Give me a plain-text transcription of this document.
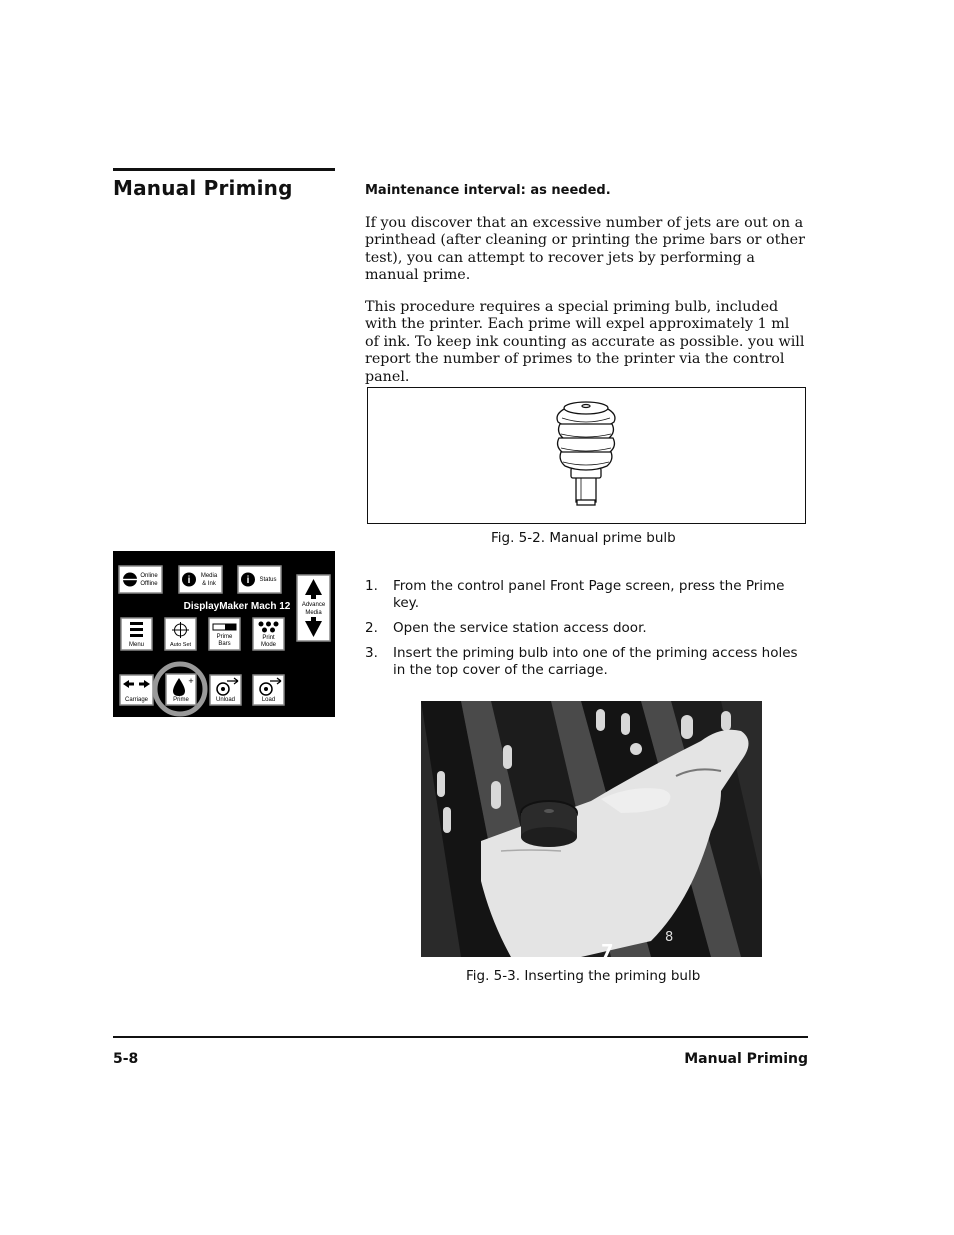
Manual Priming	Maintenance interval: as needed.

If you discover that an excessive number of jets are out on a printhead (after cleaning or printing the prime bars or other test), you can attempt to recover jets by performing a manual prime.

This procedure requires a special priming bulb, included with the printer. Each prime will expel approximately 1 ml of ink. To keep ink counting as accurate as possible. you will report the number of primes to the printer via the control panel.

Fig. 5-2. Manual prime bulb
Online
Offline	i Media
& Ink	i Status
Advance
Media
DisplayMaker Mach 12
Menu	Auto Set
Prime
Bars
Print
Mode
Carriage
+
Prime	Unload	Load
1. From the control panel Front Page screen, press the Prime key.
2. Open the service station access door.
3. Insert the priming bulb into one of the priming access holes in the top cover of the carriage.
7
8
Fig. 5-3. Inserting the priming bulb
5-8	Manual Priming
